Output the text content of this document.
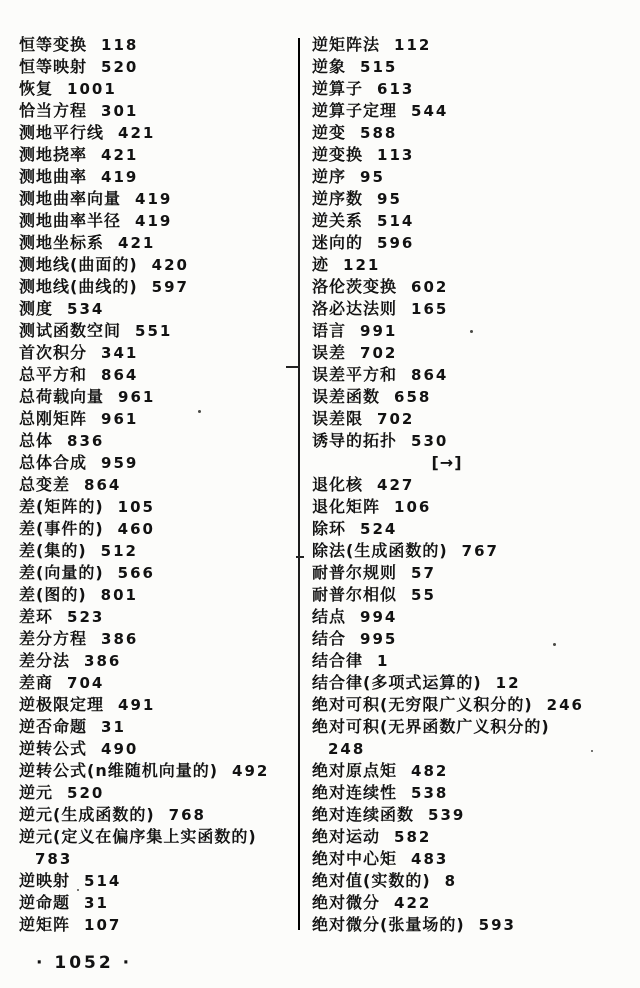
恒等变换 118
恒等映射 520
恢复 1001
恰当方程 301
测地平行线 421
测地挠率 421
测地曲率 419
测地曲率向量 419
测地曲率半径 419
测地坐标系 421
测地线(曲面的) 420
测地线(曲线的) 597
测度 534
测试函数空间 551
首次积分 341
总平方和 864
总荷载向量 961
总刚矩阵 961
总体 836
总体合成 959
总变差 864
差(矩阵的) 105
差(事件的) 460
差(集的) 512
差(向量的) 566
差(图的) 801
差环 523
差分方程 386
差分法 386
差商 704
逆极限定理 491
逆否命题 31
逆转公式 490
逆转公式(n维随机向量的) 492
逆元 520
逆元(生成函数的) 768
逆元(定义在偏序集上实函数的)
783
逆映射 514
逆命题 31
逆矩阵 107
逆矩阵法 112
逆象 515
逆算子 613
逆算子定理 544
逆变 588
逆变换 113
逆序 95
逆序数 95
逆关系 514
迷向的 596
迹 121
洛伦茨变换 602
洛必达法则 165
语言 991
误差 702
误差平方和 864
误差函数 658
误差限 702
诱导的拓扑 530
[→]
退化核 427
退化矩阵 106
除环 524
除法(生成函数的) 767
耐普尔规则 57
耐普尔相似 55
结点 994
结合 995
结合律 1
结合律(多项式运算的) 12
绝对可积(无穷限广义积分的) 246
绝对可积(无界函数广义积分的)
248
绝对原点矩 482
绝对连续性 538
绝对连续函数 539
绝对运动 582
绝对中心矩 483
绝对值(实数的) 8
绝对微分 422
绝对微分(张量场的) 593
· 1052 ·
